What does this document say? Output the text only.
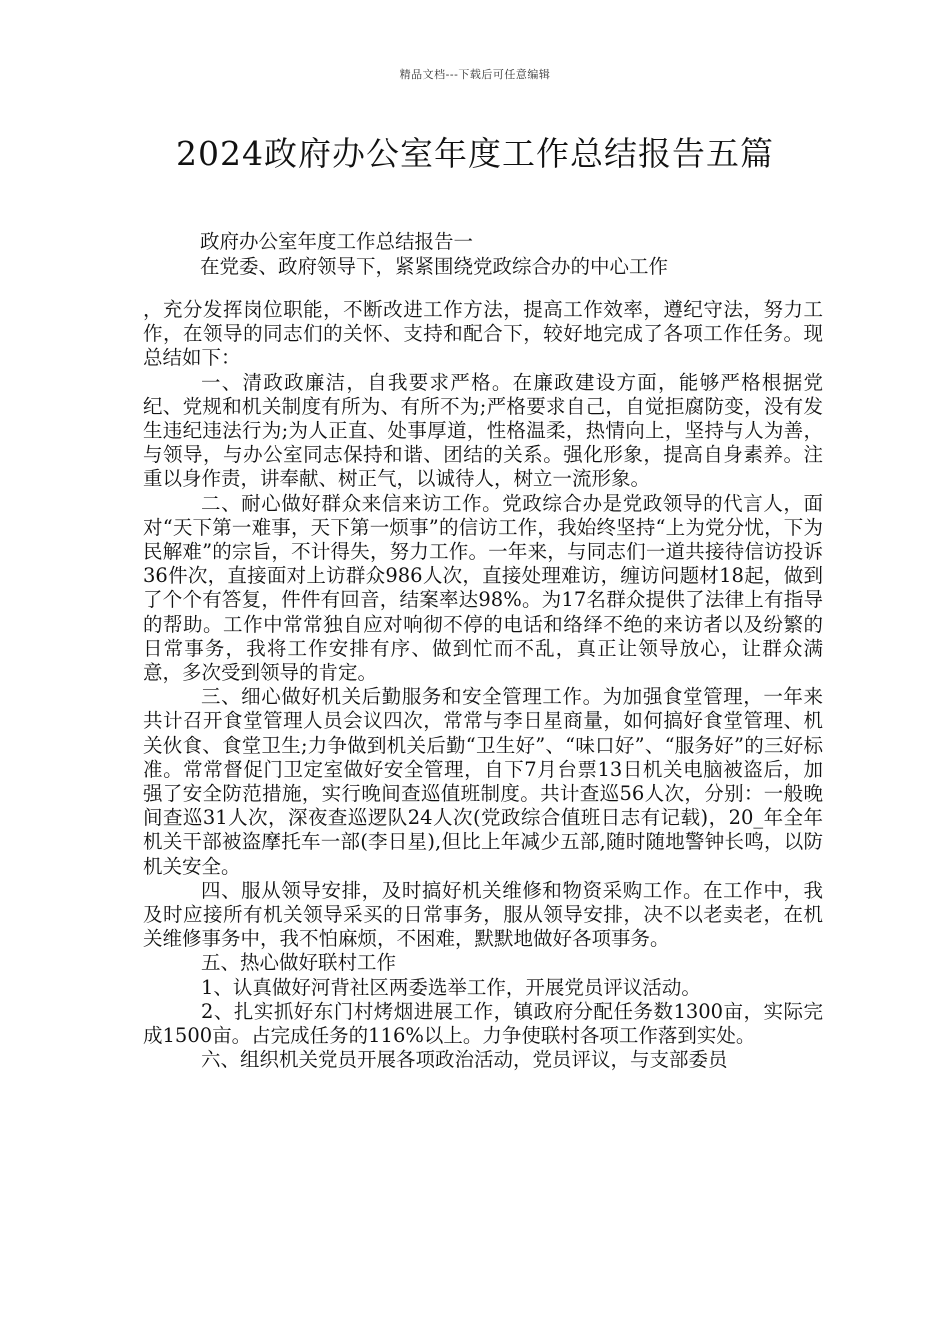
精品文档---下载后可任意编辑
2024政府办公室年度工作总结报告五篇
政府办公室年度工作总结报告一
在党委、政府领导下，紧紧围绕党政综合办的中心工作

，充分发挥岗位职能，不断改进工作方法，提高工作效率，遵纪守法，努力工作，在领导的同志们的关怀、支持和配合下，较好地完成了各项工作任务。现总结如下：

一、清政政廉洁，自我要求严格。在廉政建设方面，能够严格根据党纪、党规和机关制度有所为、有所不为;严格要求自己，自觉拒腐防变，没有发生违纪违法行为;为人正直、处事厚道，性格温柔，热情向上，坚持与人为善，与领导，与办公室同志保持和谐、团结的关系。强化形象，提高自身素养。注重以身作责，讲奉献、树正气，以诚待人，树立一流形象。

二、耐心做好群众来信来访工作。党政综合办是党政领导的代言人，面对“天下第一难事，天下第一烦事”的信访工作，我始终坚持“上为党分忧，下为民解难”的宗旨，不计得失，努力工作。一年来，与同志们一道共接待信访投诉36件次，直接面对上访群众986人次，直接处理难访，缠访问题材18起，做到了个个有答复，件件有回音，结案率达98%。为17名群众提供了法律上有指导的帮助。工作中常常独自应对响彻不停的电话和络绎不绝的来访者以及纷繁的日常事务，我将工作安排有序、做到忙而不乱，真正让领导放心，让群众满意，多次受到领导的肯定。

三、细心做好机关后勤服务和安全管理工作。为加强食堂管理，一年来共计召开食堂管理人员会议四次，常常与李日星商量，如何搞好食堂管理、机关伙食、食堂卫生;力争做到机关后勤“卫生好”、“味口好”、“服务好”的三好标准。常常督促门卫定室做好安全管理，自下7月台票13日机关电脑被盗后，加强了安全防范措施，实行晚间查巡值班制度。共计查巡56人次，分别：一般晚间查巡31人次，深夜查巡逻队24人次(党政综合值班日志有记载)，20_年全年机关干部被盗摩托车一部(李日星),但比上年减少五部,随时随地警钟长鸣，以防机关安全。

四、服从领导安排，及时搞好机关维修和物资采购工作。在工作中，我及时应接所有机关领导采买的日常事务，服从领导安排，决不以老卖老，在机关维修事务中，我不怕麻烦，不困难，默默地做好各项事务。

五、热心做好联村工作

1、认真做好河背社区两委选举工作，开展党员评议活动。

2、扎实抓好东门村烤烟进展工作，镇政府分配任务数1300亩，实际完成1500亩。占完成任务的116%以上。力争使联村各项工作落到实处。

六、组织机关党员开展各项政治活动，党员评议，与支部委员
